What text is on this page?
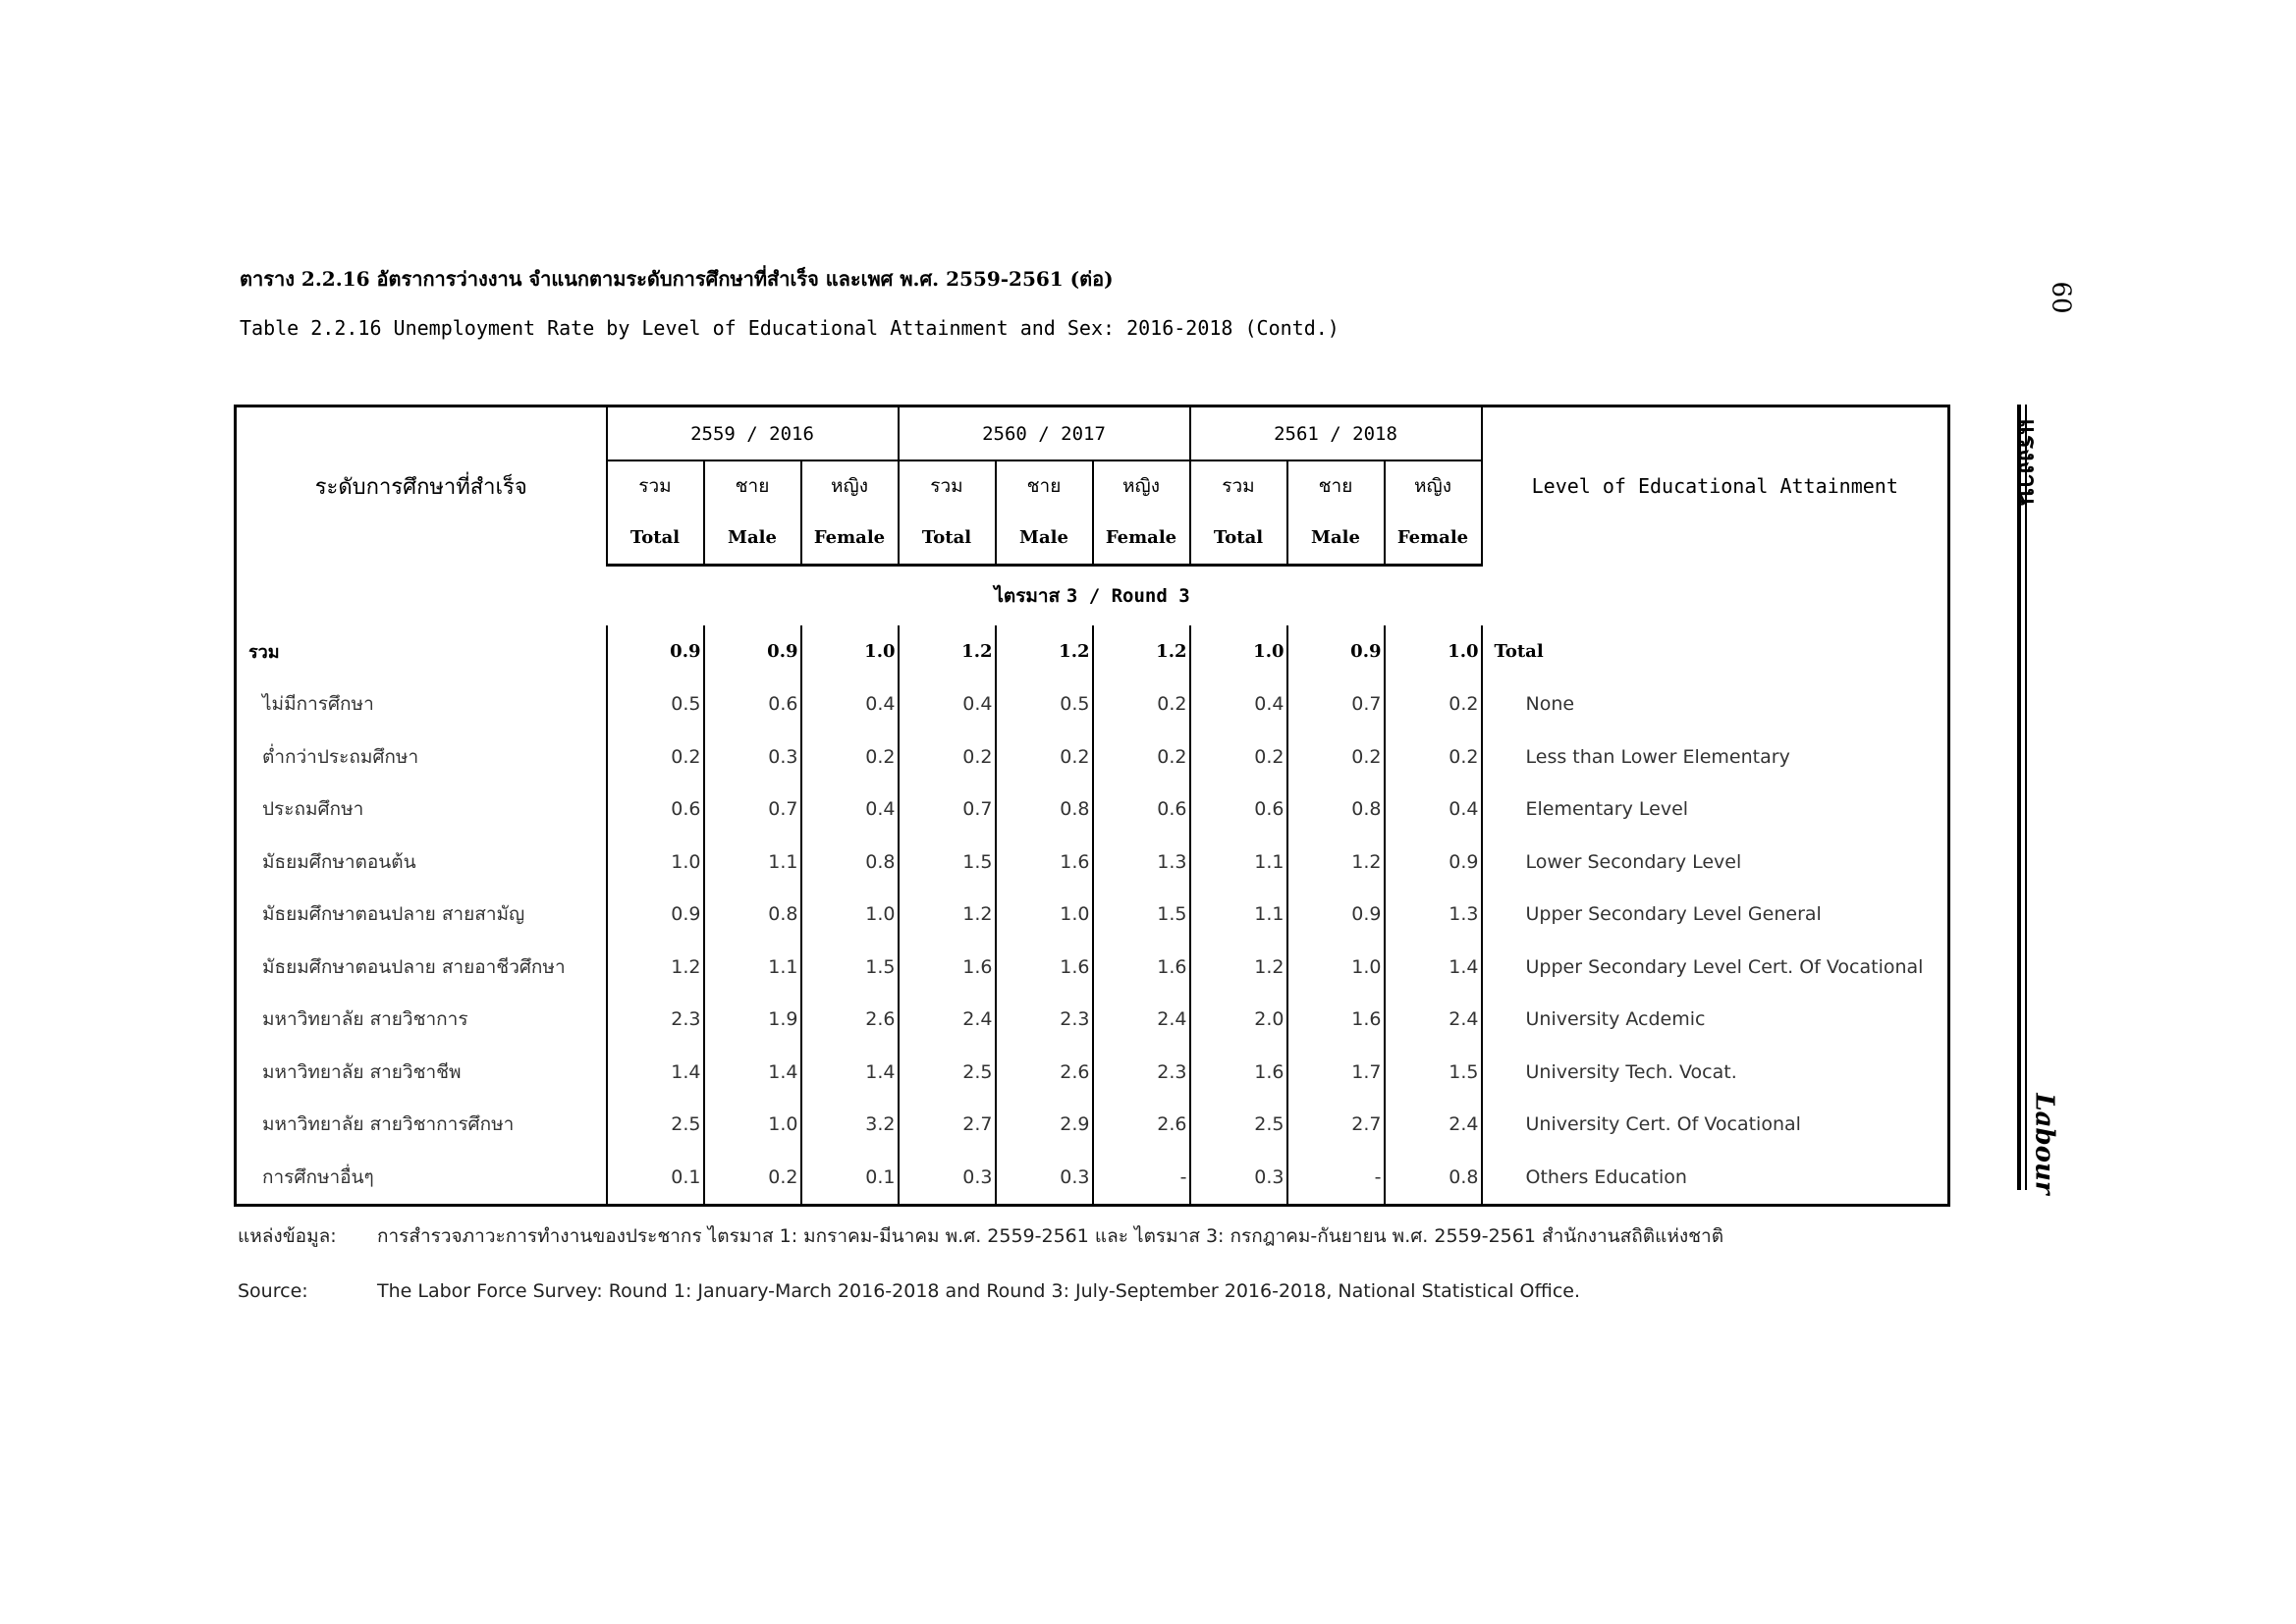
ตาราง 2.2.16 อัตราการว่างงาน จำแนกตามระดับการศึกษาที่สำเร็จ และเพศ พ.ศ. 2559-2561 (ต่อ)
Table 2.2.16 Unemployment Rate by Level of Educational Attainment and Sex: 2016-2018 (Contd.)
60
แรงงาน
Labour
ระดับการศึกษาที่สำเร็จ	2559 / 2016			2560 / 2017			2561 / 2018			Level of Educational Attainment
	รวม	ชาย	หญิง	รวม	ชาย	หญิง	รวม	ชาย	หญิง	
	Total	Male	Female	Total	Male	Female	Total	Male	Female	
ไตรมาส 3 / Round 3										
รวม	0.9	0.9	1.0	1.2	1.2	1.2	1.0	0.9	1.0	Total
ไม่มีการศึกษา	0.5	0.6	0.4	0.4	0.5	0.2	0.4	0.7	0.2	None
ต่ำกว่าประถมศึกษา	0.2	0.3	0.2	0.2	0.2	0.2	0.2	0.2	0.2	Less than Lower Elementary
ประถมศึกษา	0.6	0.7	0.4	0.7	0.8	0.6	0.6	0.8	0.4	Elementary Level
มัธยมศึกษาตอนต้น	1.0	1.1	0.8	1.5	1.6	1.3	1.1	1.2	0.9	Lower Secondary Level
มัธยมศึกษาตอนปลาย สายสามัญ	0.9	0.8	1.0	1.2	1.0	1.5	1.1	0.9	1.3	Upper Secondary Level General
มัธยมศึกษาตอนปลาย สายอาชีวศึกษา	1.2	1.1	1.5	1.6	1.6	1.6	1.2	1.0	1.4	Upper Secondary Level Cert. Of Vocational
มหาวิทยาลัย สายวิชาการ	2.3	1.9	2.6	2.4	2.3	2.4	2.0	1.6	2.4	University Acdemic
มหาวิทยาลัย สายวิชาชีพ	1.4	1.4	1.4	2.5	2.6	2.3	1.6	1.7	1.5	University Tech. Vocat.
มหาวิทยาลัย สายวิชาการศึกษา	2.5	1.0	3.2	2.7	2.9	2.6	2.5	2.7	2.4	University Cert. Of Vocational
การศึกษาอื่นๆ	0.1	0.2	0.1	0.3	0.3	-	0.3	-	0.8	Others Education
แหล่งข้อมูล: การสำรวจภาวะการทำงานของประชากร ไตรมาส 1: มกราคม-มีนาคม พ.ศ. 2559-2561 และ ไตรมาส 3: กรกฎาคม-กันยายน พ.ศ. 2559-2561 สำนักงานสถิติแห่งชาติ
Source:	The Labor Force Survey: Round 1: January-March 2016-2018 and Round 3: July-September 2016-2018, National Statistical Office.
